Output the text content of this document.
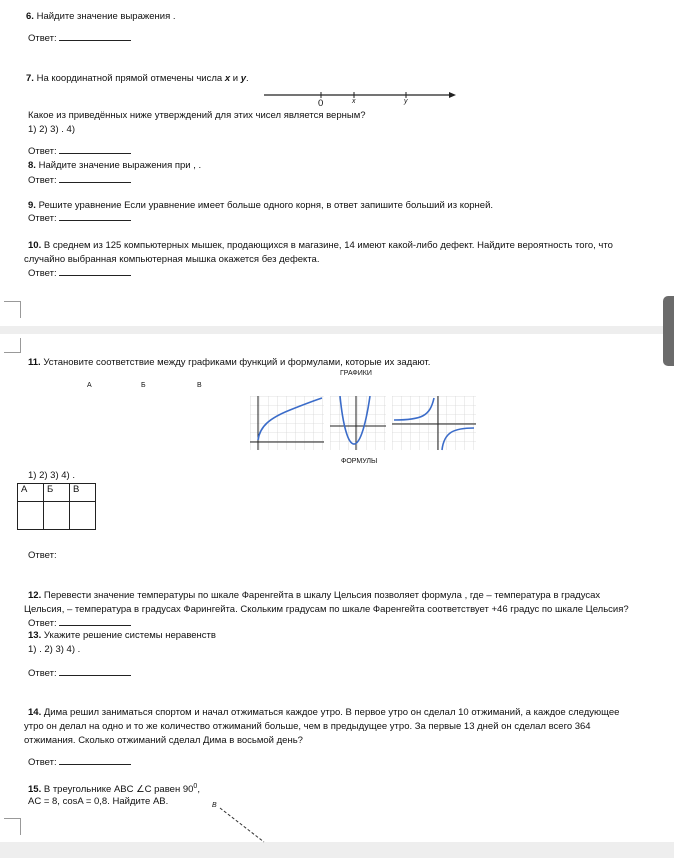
6. Найдите значение выражения .
Ответ:
7. На координатной прямой отмечены числа x и y.
0	x	y
Какое из приведённых ниже утверждений для этих чисел является верным?
1) 2) 3) . 4)
Ответ:
8. Найдите значение выражения при , .
Ответ:
9. Решите уравнение Если уравнение имеет больше одного корня, в ответ запишите больший из корней.
Ответ:
10. В среднем из 125 компьютерных мышек, продающихся в магазине, 14 имеют какой-либо дефект. Найдите вероятность того, что
случайно выбранная компьютерная мышка окажется без дефекта.
Ответ:
11. Установите соответствие между графиками функций и формулами, которые их задают.
ГРАФИКИ
А	Б	В
ФОРМУЛЫ
1) 2) 3) 4) .
А	Б	В

Ответ:
12. Перевести значение температуры по шкале Фаренгейта в шкалу Цельсия позволяет формула , где – температура в градусах
Цельсия, – температура в градусах Фарингейта. Скольким градусам по шкале Фаренгейта соответствует +46 градус по шкале Цельсия?
Ответ:
13. Укажите решение системы неравенств
1) . 2) 3) 4) .
Ответ:
14. Дима решил заниматься спортом и начал отжиматься каждое утро. В первое утро он сделал 10 отжиманий, а каждое следующее
утро он делал на одно и то же количество отжиманий больше, чем в предыдущее утро. За первые 13 дней он сделал всего 364
отжимания. Сколько отжиманий сделал Дима в восьмой день?
Ответ:
15. В треугольнике ABC ∠C равен $90^0$,
AC = 8, cosA = 0,8. Найдите AB.	B
